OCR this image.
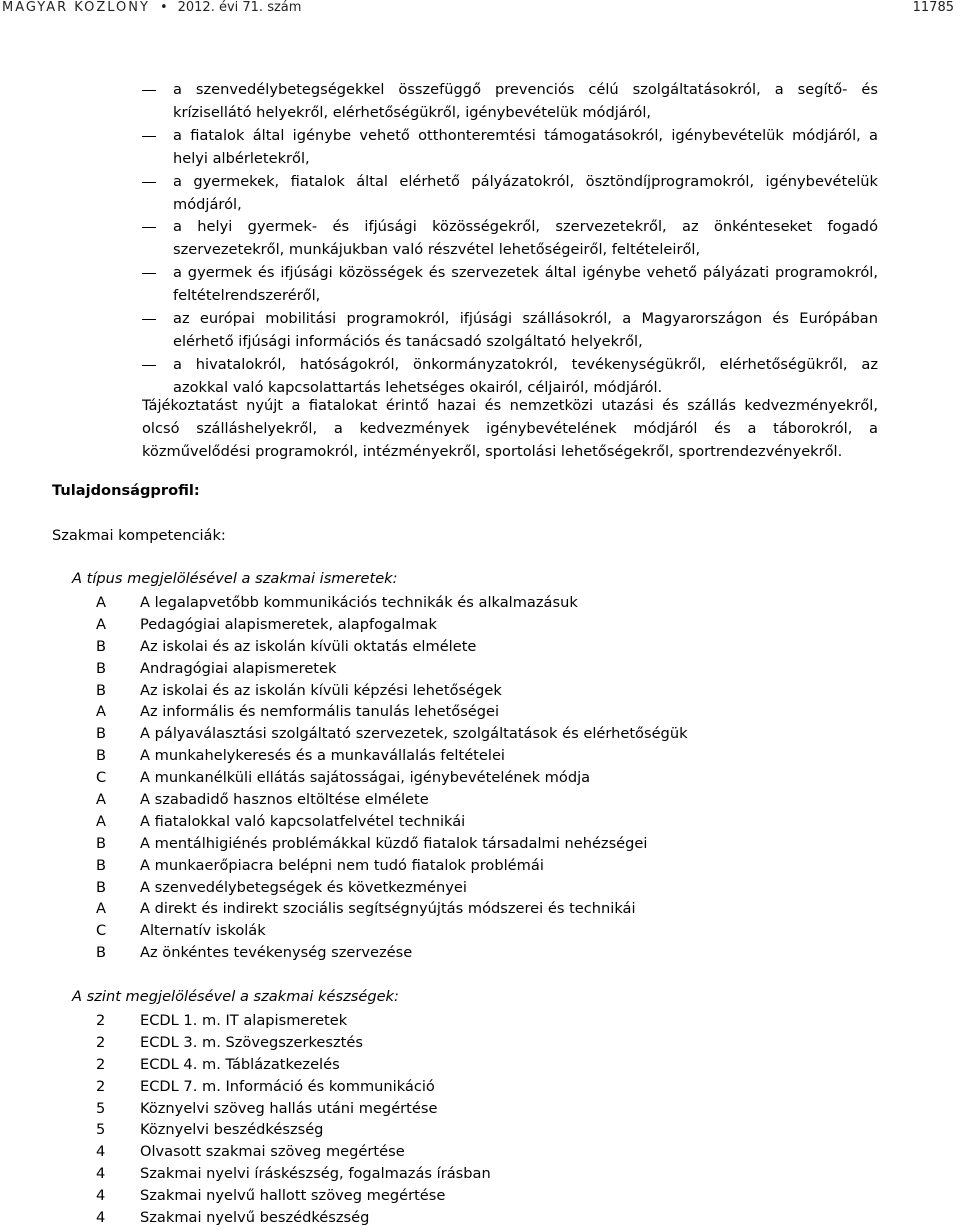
MAGYAR KÖZLÖNY • 2012. évi 71. szám	11785
a szenvedélybetegségekkel összefüggő prevenciós célú szolgáltatásokról, a segítő- és krízisellátó helyekről, elérhetőségükről, igénybevételük módjáról,
a fiatalok által igénybe vehető otthonteremtési támogatásokról, igénybevételük módjáról, a helyi albérletekről,
a gyermekek, fiatalok által elérhető pályázatokról, ösztöndíjprogramokról, igénybevételük módjáról,
a helyi gyermek- és ifjúsági közösségekről, szervezetekről, az önkénteseket fogadó szervezetekről, munkájukban való részvétel lehetőségeiről, feltételeiről,
a gyermek és ifjúsági közösségek és szervezetek által igénybe vehető pályázati programokról, feltételrendszeréről,
az európai mobilitási programokról, ifjúsági szállásokról, a Magyarországon és Európában elérhető ifjúsági információs és tanácsadó szolgáltató helyekről,
a hivatalokról, hatóságokról, önkormányzatokról, tevékenységükről, elérhetőségükről, az azokkal való kapcsolattartás lehetséges okairól, céljairól, módjáról.
Tájékoztatást nyújt a fiatalokat érintő hazai és nemzetközi utazási és szállás kedvezményekről, olcsó szálláshelyekről, a kedvezmények igénybevételének módjáról és a táborokról, a közművelődési programokról, intézményekről, sportolási lehetőségekről, sportrendezvényekről.
Tulajdonságprofil:
Szakmai kompetenciák:
A típus megjelölésével a szakmai ismeretek:
A A legalapvetőbb kommunikációs technikák és alkalmazásuk
A Pedagógiai alapismeretek, alapfogalmak
B Az iskolai és az iskolán kívüli oktatás elmélete
B Andragógiai alapismeretek
B Az iskolai és az iskolán kívüli képzési lehetőségek
A Az informális és nemformális tanulás lehetőségei
B A pályaválasztási szolgáltató szervezetek, szolgáltatások és elérhetőségük
B A munkahelykeresés és a munkavállalás feltételei
C A munkanélküli ellátás sajátosságai, igénybevételének módja
A A szabadidő hasznos eltöltése elmélete
A A fiatalokkal való kapcsolatfelvétel technikái
B A mentálhigiénés problémákkal küzdő fiatalok társadalmi nehézségei
B A munkaerőpiacra belépni nem tudó fiatalok problémái
B A szenvedélybetegségek és következményei
A A direkt és indirekt szociális segítségnyújtás módszerei és technikái
C Alternatív iskolák
B Az önkéntes tevékenység szervezése
A szint megjelölésével a szakmai készségek:
2 ECDL 1. m. IT alapismeretek
2 ECDL 3. m. Szövegszerkesztés
2 ECDL 4. m. Táblázatkezelés
2 ECDL 7. m. Információ és kommunikáció
5 Köznyelvi szöveg hallás utáni megértése
5 Köznyelvi beszédkészség
4 Olvasott szakmai szöveg megértése
4 Szakmai nyelvi íráskészség, fogalmazás írásban
4 Szakmai nyelvű hallott szöveg megértése
4 Szakmai nyelvű beszédkészség
